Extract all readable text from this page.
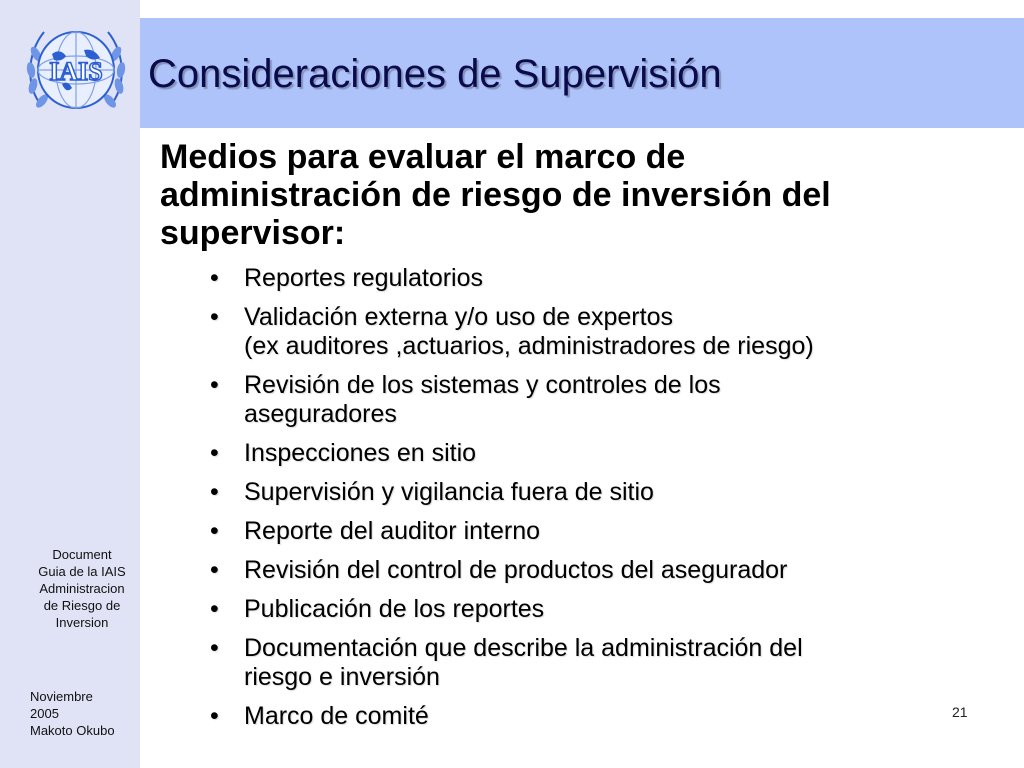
IAIS Consideraciones de Supervisión
Medios para evaluar el marco de administración de riesgo de inversión del supervisor:
• Reportes regulatorios
• Validación externa y/o uso de expertos
(ex auditores ,actuarios, administradores de riesgo)
• Revisión de los sistemas y controles de los
aseguradores
• Inspecciones en sitio
• Supervisión y vigilancia fuera de sitio
• Reporte del auditor interno
• Revisión del control de productos del asegurador
• Publicación de los reportes
• Documentación que describe la administración del
riesgo e inversión
• Marco de comité
Document
Guia de la IAIS
Administracion
de Riesgo de
Inversion
Noviembre
2005
Makoto Okubo
21
